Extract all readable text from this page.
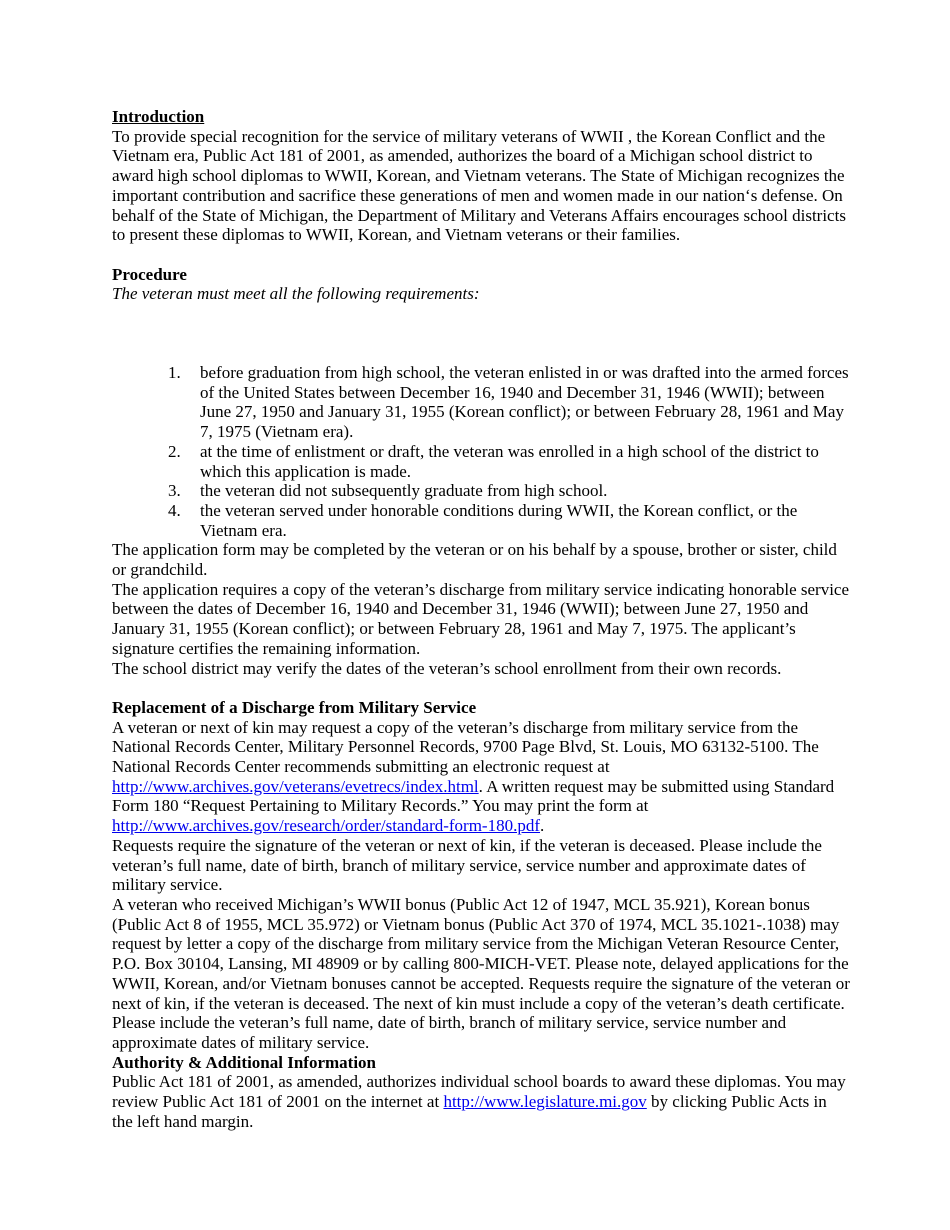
Introduction

To provide special recognition for the service of military veterans of WWII , the Korean Conflict and the Vietnam era, Public Act 181 of 2001, as amended, authorizes the board of a Michigan school district to award high school diplomas to WWII, Korean, and Vietnam veterans. The State of Michigan recognizes the important contribution and sacrifice these generations of men and women made in our nation‘s defense. On behalf of the State of Michigan, the Department of Military and Veterans Affairs encourages school districts to present these diplomas to WWII, Korean, and Vietnam veterans or their families.

Procedure

The veteran must meet all the following requirements:

1. before graduation from high school, the veteran enlisted in or was drafted into the armed forces of the United States between December 16, 1940 and December 31, 1946 (WWII); between June 27, 1950 and January 31, 1955 (Korean conflict); or between February 28, 1961 and May 7, 1975 (Vietnam era).
2. at the time of enlistment or draft, the veteran was enrolled in a high school of the district to which this application is made.
3. the veteran did not subsequently graduate from high school.
4. the veteran served under honorable conditions during WWII, the Korean conflict, or the Vietnam era.

The application form may be completed by the veteran or on his behalf by a spouse, brother or sister, child or grandchild.

The application requires a copy of the veteran’s discharge from military service indicating honorable service between the dates of December 16, 1940 and December 31, 1946 (WWII); between June 27, 1950 and January 31, 1955 (Korean conflict); or between February 28, 1961 and May 7, 1975. The applicant’s signature certifies the remaining information.

The school district may verify the dates of the veteran’s school enrollment from their own records.

Replacement of a Discharge from Military Service

A veteran or next of kin may request a copy of the veteran’s discharge from military service from the National Records Center, Military Personnel Records, 9700 Page Blvd, St. Louis, MO 63132-5100. The National Records Center recommends submitting an electronic request at http://www.archives.gov/veterans/evetrecs/index.html. A written request may be submitted using Standard Form 180 “Request Pertaining to Military Records.” You may print the form at http://www.archives.gov/research/order/standard-form-180.pdf.

Requests require the signature of the veteran or next of kin, if the veteran is deceased. Please include the veteran’s full name, date of birth, branch of military service, service number and approximate dates of military service.

A veteran who received Michigan’s WWII bonus (Public Act 12 of 1947, MCL 35.921), Korean bonus (Public Act 8 of 1955, MCL 35.972) or Vietnam bonus (Public Act 370 of 1974, MCL 35.1021-.1038) may request by letter a copy of the discharge from military service from the Michigan Veteran Resource Center, P.O. Box 30104, Lansing, MI 48909 or by calling 800-MICH-VET. Please note, delayed applications for the WWII, Korean, and/or Vietnam bonuses cannot be accepted. Requests require the signature of the veteran or next of kin, if the veteran is deceased. The next of kin must include a copy of the veteran’s death certificate. Please include the veteran’s full name, date of birth, branch of military service, service number and approximate dates of military service.

Authority & Additional Information

Public Act 181 of 2001, as amended, authorizes individual school boards to award these diplomas. You may review Public Act 181 of 2001 on the internet at http://www.legislature.mi.gov by clicking Public Acts in the left hand margin.
